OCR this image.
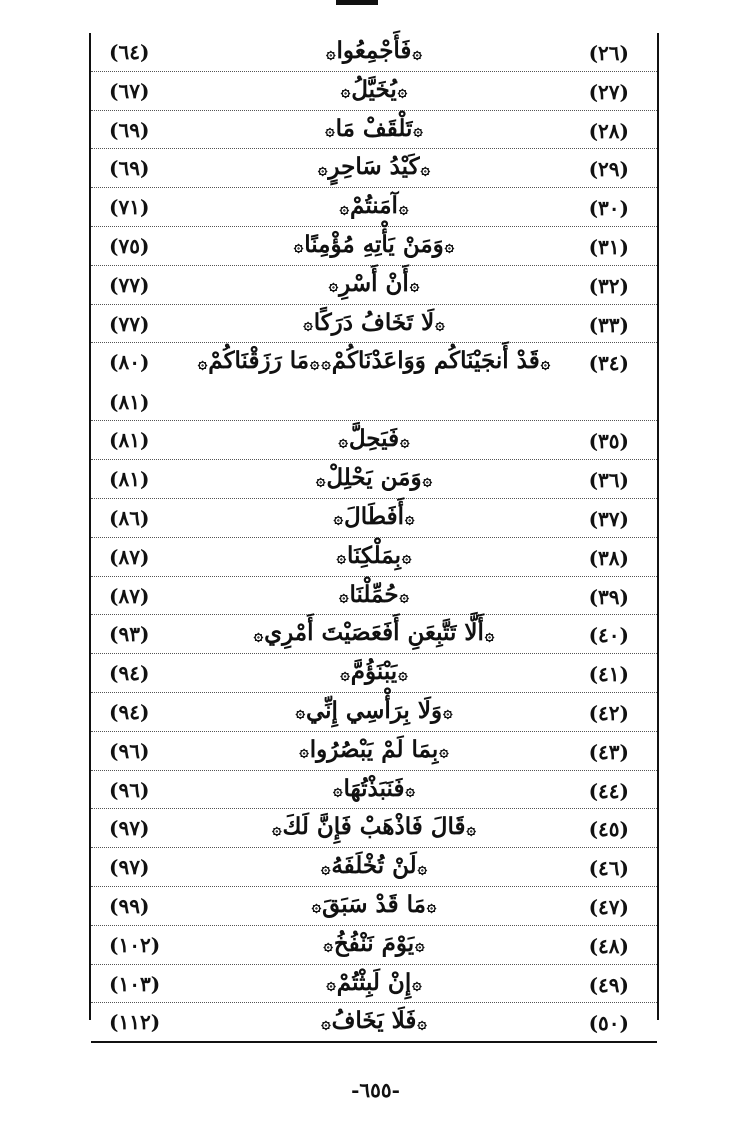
(٢٦)
۞فَأَجْمِعُوا۞
(٦٤)
(٢٧)
۞يُخَيَّلُ۞
(٦٧)
(٢٨)
۞تَلْقَفْ مَا۞
(٦٩)
(٢٩)
۞كَيْدُ سَاحِرٍ۞
(٦٩)
(٣٠)
۞آمَنتُمْ۞
(٧١)
(٣١)
۞وَمَنْ يَأْتِهِ مُؤْمِنًا۞
(٧٥)
(٣٢)
۞أَنْ أَسْرِ۞
(٧٧)
(٣٣)
۞لَا تَخَافُ دَرَكًا۞
(٧٧)
(٣٤)
۞قَدْ أَنجَيْنَاكُم وَوَاعَدْنَاكُمْ۞۞مَا رَزَقْنَاكُمْ۞
(٨٠)
(٨١)
(٣٥)
۞فَيَحِلَّ۞
(٨١)
(٣٦)
۞وَمَن يَحْلِلْ۞
(٨١)
(٣٧)
۞أَفَطَالَ۞
(٨٦)
(٣٨)
۞بِمَلْكِنَا۞
(٨٧)
(٣٩)
۞حُمِّلْنَا۞
(٨٧)
(٤٠)
۞أَلَّا تَتَّبِعَنِ أَفَعَصَيْتَ أَمْرِي۞
(٩٣)
(٤١)
۞يَبْنَؤُمَّ۞
(٩٤)
(٤٢)
۞وَلَا بِرَأْسِي إِنِّي۞
(٩٤)
(٤٣)
۞بِمَا لَمْ يَبْصُرُوا۞
(٩٦)
(٤٤)
۞فَنَبَذْتُهَا۞
(٩٦)
(٤٥)
۞قَالَ فَاذْهَبْ فَإِنَّ لَكَ۞
(٩٧)
(٤٦)
۞لَنْ تُخْلَفَهُ۞
(٩٧)
(٤٧)
۞مَا قَدْ سَبَقَ۞
(٩٩)
(٤٨)
۞يَوْمَ نَنْفُخُ۞
(١٠٢)
(٤٩)
۞إِنْ لَبِثْتُمْ۞
(١٠٣)
(٥٠)
۞فَلَا يَخَافُ۞
(١١٢)
-٦٥٥-
